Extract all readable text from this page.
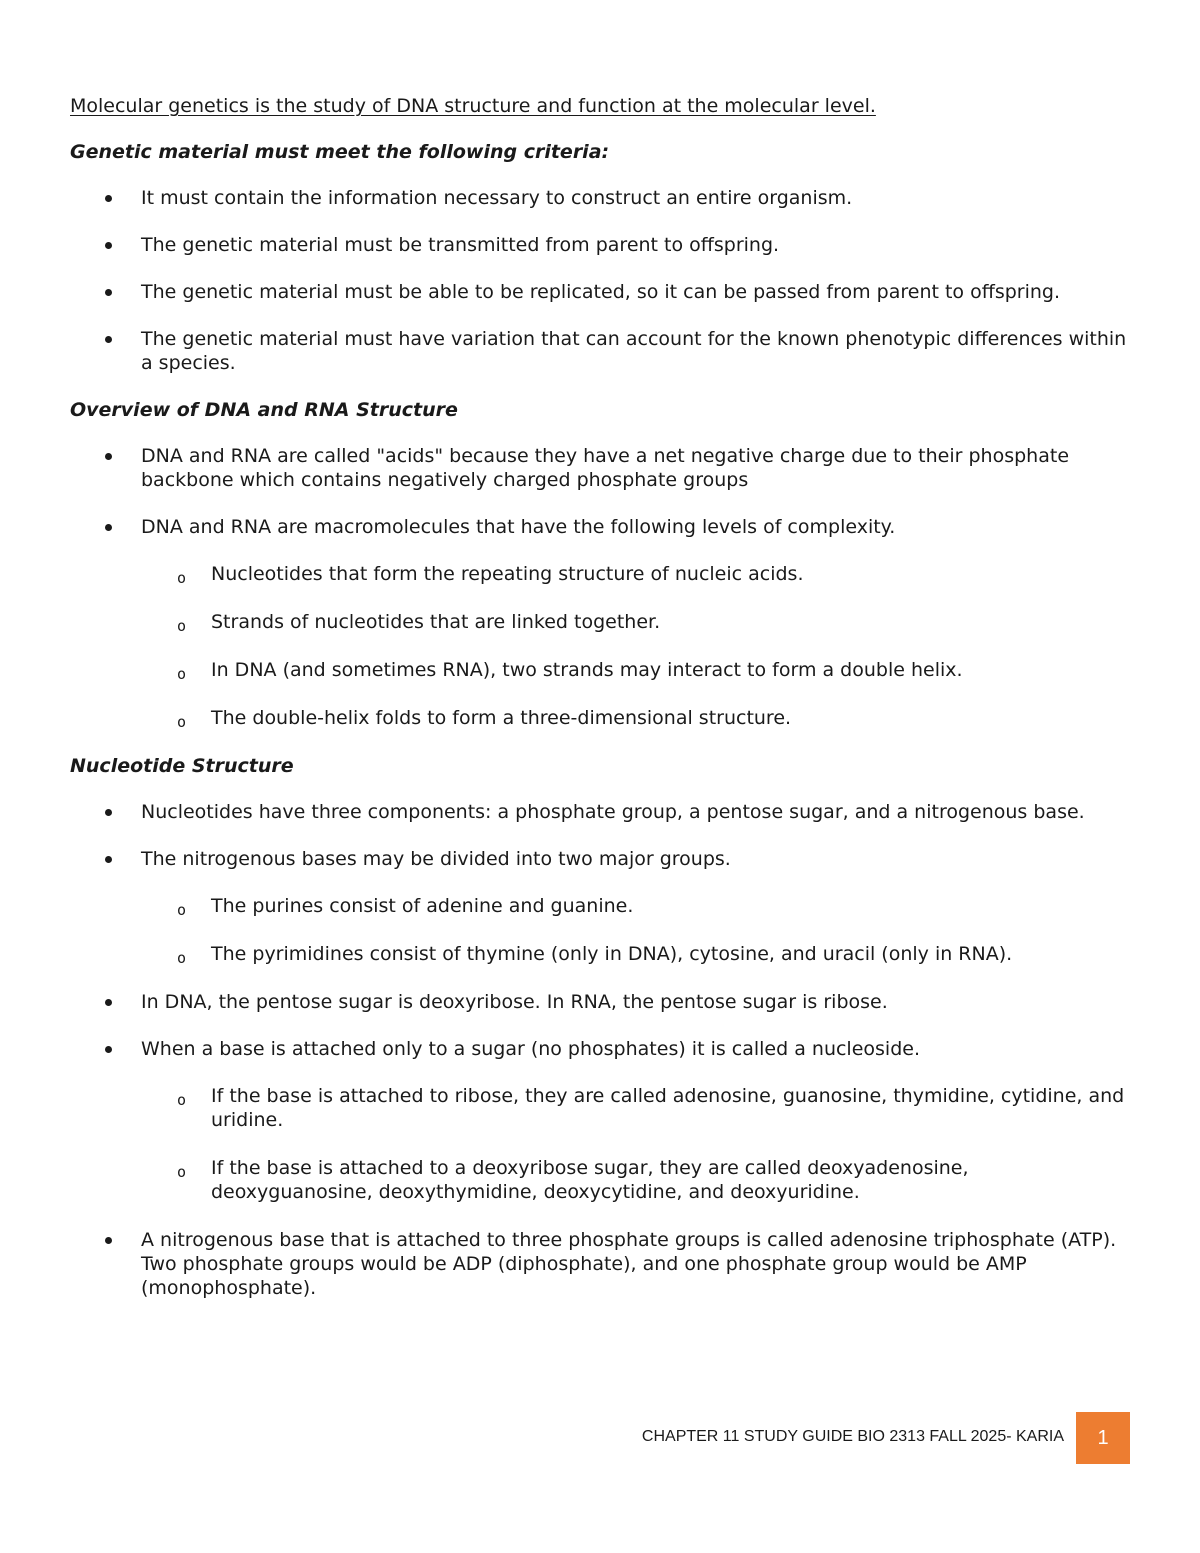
Molecular genetics is the study of DNA structure and function at the molecular level.

Genetic material must meet the following criteria:

It must contain the information necessary to construct an entire organism.
The genetic material must be transmitted from parent to offspring.
The genetic material must be able to be replicated, so it can be passed from parent to offspring.
The genetic material must have variation that can account for the known phenotypic differences within a species.

Overview of DNA and RNA Structure

DNA and RNA are called "acids" because they have a net negative charge due to their phosphate backbone which contains negatively charged phosphate groups
DNA and RNA are macromolecules that have the following levels of complexity.
o Nucleotides that form the repeating structure of nucleic acids.
o Strands of nucleotides that are linked together.
o In DNA (and sometimes RNA), two strands may interact to form a double helix.
o The double-helix folds to form a three-dimensional structure.

Nucleotide Structure

Nucleotides have three components: a phosphate group, a pentose sugar, and a nitrogenous base.
The nitrogenous bases may be divided into two major groups.
o The purines consist of adenine and guanine.
o The pyrimidines consist of thymine (only in DNA), cytosine, and uracil (only in RNA).
In DNA, the pentose sugar is deoxyribose. In RNA, the pentose sugar is ribose.
When a base is attached only to a sugar (no phosphates) it is called a nucleoside.
o If the base is attached to ribose, they are called adenosine, guanosine, thymidine, cytidine, and uridine.
o If the base is attached to a deoxyribose sugar, they are called deoxyadenosine, deoxyguanosine, deoxythymidine, deoxycytidine, and deoxyuridine.
A nitrogenous base that is attached to three phosphate groups is called adenosine triphosphate (ATP). Two phosphate groups would be ADP (diphosphate), and one phosphate group would be AMP (monophosphate).
CHAPTER 11 STUDY GUIDE BIO 2313 FALL 2025- KARIA	1
